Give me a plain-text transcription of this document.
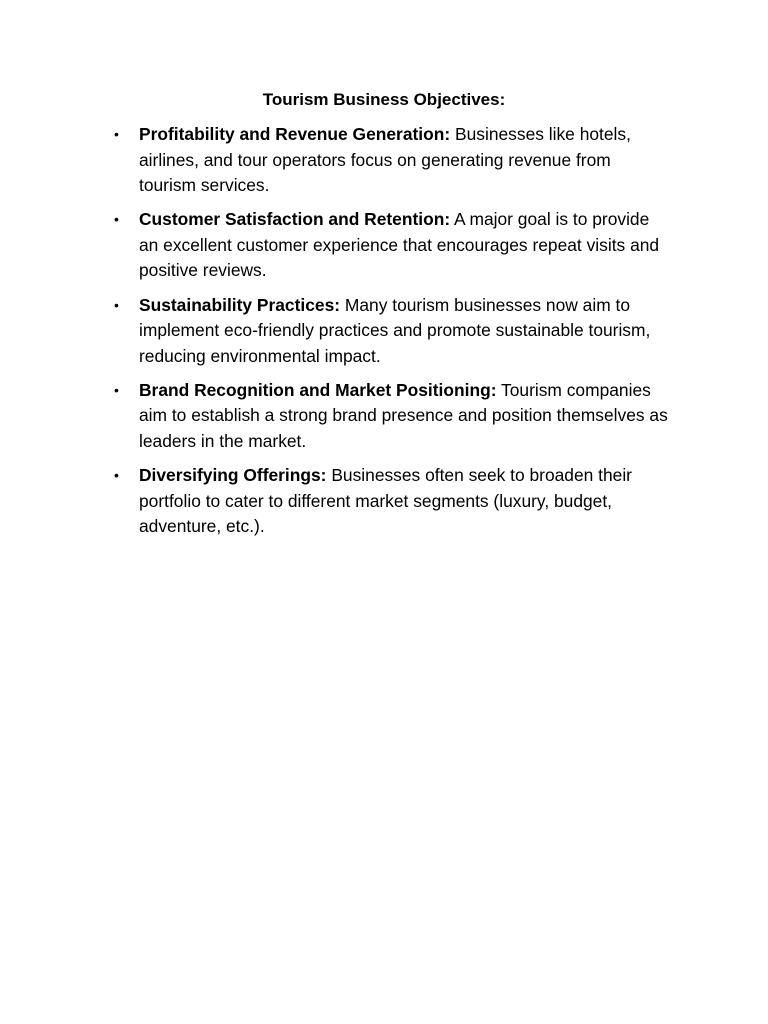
Tourism Business Objectives:
• Profitability and Revenue Generation: Businesses like hotels, airlines, and tour operators focus on generating revenue from tourism services.
• Customer Satisfaction and Retention: A major goal is to provide an excellent customer experience that encourages repeat visits and positive reviews.
• Sustainability Practices: Many tourism businesses now aim to implement eco-friendly practices and promote sustainable tourism, reducing environmental impact.
• Brand Recognition and Market Positioning: Tourism companies aim to establish a strong brand presence and position themselves as leaders in the market.
• Diversifying Offerings: Businesses often seek to broaden their portfolio to cater to different market segments (luxury, budget, adventure, etc.).
